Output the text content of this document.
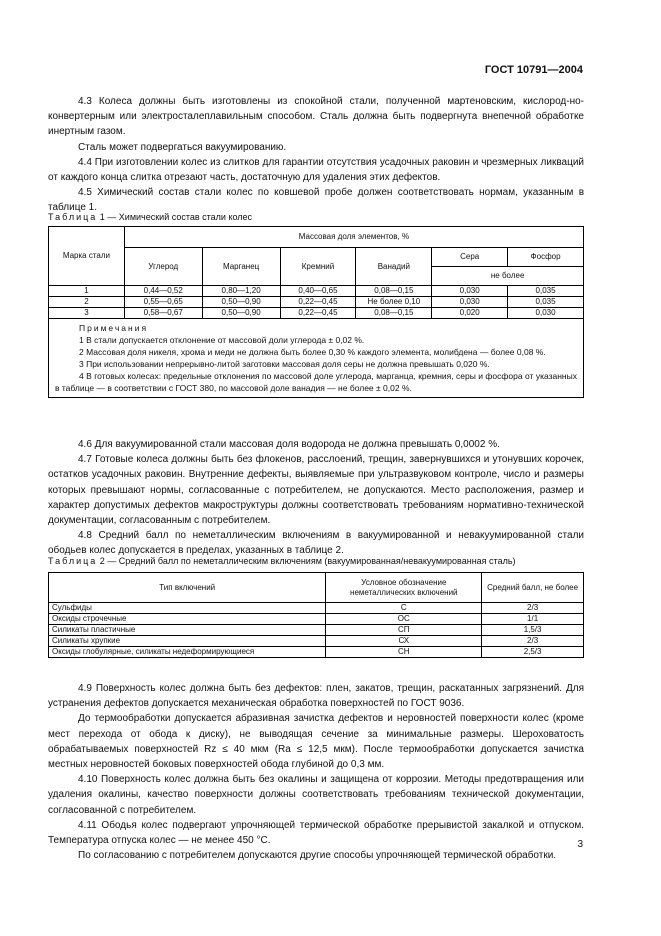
ГОСТ 10791—2004

4.3 Колеса должны быть изготовлены из спокойной стали, полученной мартеновским, кислород-но-конвертерным или электросталеплавильным способом. Сталь должна быть подвергнута внепечной обработке инертным газом.

Сталь может подвергаться вакуумированию.

4.4 При изготовлении колес из слитков для гарантии отсутствия усадочных раковин и чрезмерных ликваций от каждого конца слитка отрезают часть, достаточную для удаления этих дефектов.

4.5 Химический состав стали колес по ковшевой пробе должен соответствовать нормам, указанным в таблице 1.

Таблица 1 — Химический состав стали колес
Марка стали	Массовая доля элементов, %					
	Углерод	Марганец	Кремний	Ванадий	Сера	Фосфор
					не более	
1	0,44—0,52	0,80—1,20	0,40—0,65	0,08—0,15	0,030	0,035
2	0,55—0,65	0,50—0,90	0,22—0,45	Не более 0,10	0,030	0,035
3	0,58—0,67	0,50—0,90	0,22—0,45	0,08—0,15	0,020	0,030

Примечания

1 В стали допускается отклонение от массовой доли углерода ± 0,02 %.

2 Массовая доля никеля, хрома и меди не должна быть более 0,30 % каждого элемента, молибдена — более 0,08 %.

3 При использовании непрерывно-литой заготовки массовая доля серы не должна превышать 0,020 %.

4 В готовых колесах: предельные отклонения по массовой доле углерода, марганца, кремния, серы и фосфора от указанных в таблице — в соответствии с ГОСТ 380, по массовой доле ванадия — не более ± 0,02 %.						

4.6 Для вакуумированной стали массовая доля водорода не должна превышать 0,0002 %.

4.7 Готовые колеса должны быть без флокенов, расслоений, трещин, завернувшихся и утонувших корочек, остатков усадочных раковин. Внутренние дефекты, выявляемые при ультразвуковом контроле, число и размеры которых превышают нормы, согласованные с потребителем, не допускаются. Место расположения, размер и характер допустимых дефектов макроструктуры должны соответствовать требованиям нормативно-технической документации, согласованным с потребителем.

4.8 Средний балл по неметаллическим включениям в вакуумированной и невакуумированной стали ободьев колес допускается в пределах, указанных в таблице 2.

Таблица 2 — Средний балл по неметаллическим включениям (вакуумированная/невакуумированная сталь)
Тип включений	Условное обозначение неметаллических включений	Средний балл, не более
Сульфиды	С	2/3
Оксиды строчечные	ОС	1/1
Силикаты пластичные	СП	1,5/3
Силикаты хрупкие	СХ	2/3
Оксиды глобулярные, силикаты недеформирующиеся	СН	2,5/3

4.9 Поверхность колес должна быть без дефектов: плен, закатов, трещин, раскатанных загрязнений. Для устранения дефектов допускается механическая обработка поверхностей по ГОСТ 9036.

До термообработки допускается абразивная зачистка дефектов и неровностей поверхности колес (кроме мест перехода от обода к диску), не выводящая сечение за минимальные размеры. Шероховатость обрабатываемых поверхностей Rz ≤ 40 мкм (Ra ≤ 12,5 мкм). После термообработки допускается зачистка местных неровностей боковых поверхностей обода глубиной до 0,3 мм.

4.10 Поверхность колес должна быть без окалины и защищена от коррозии. Методы предотвращения или удаления окалины, качество поверхности должны соответствовать требованиям технической документации, согласованной с потребителем.

4.11 Ободья колес подвергают упрочняющей термической обработке прерывистой закалкой и отпуском. Температура отпуска колес — не менее 450 °С.

По согласованию с потребителем допускаются другие способы упрочняющей термической обработки.

3
